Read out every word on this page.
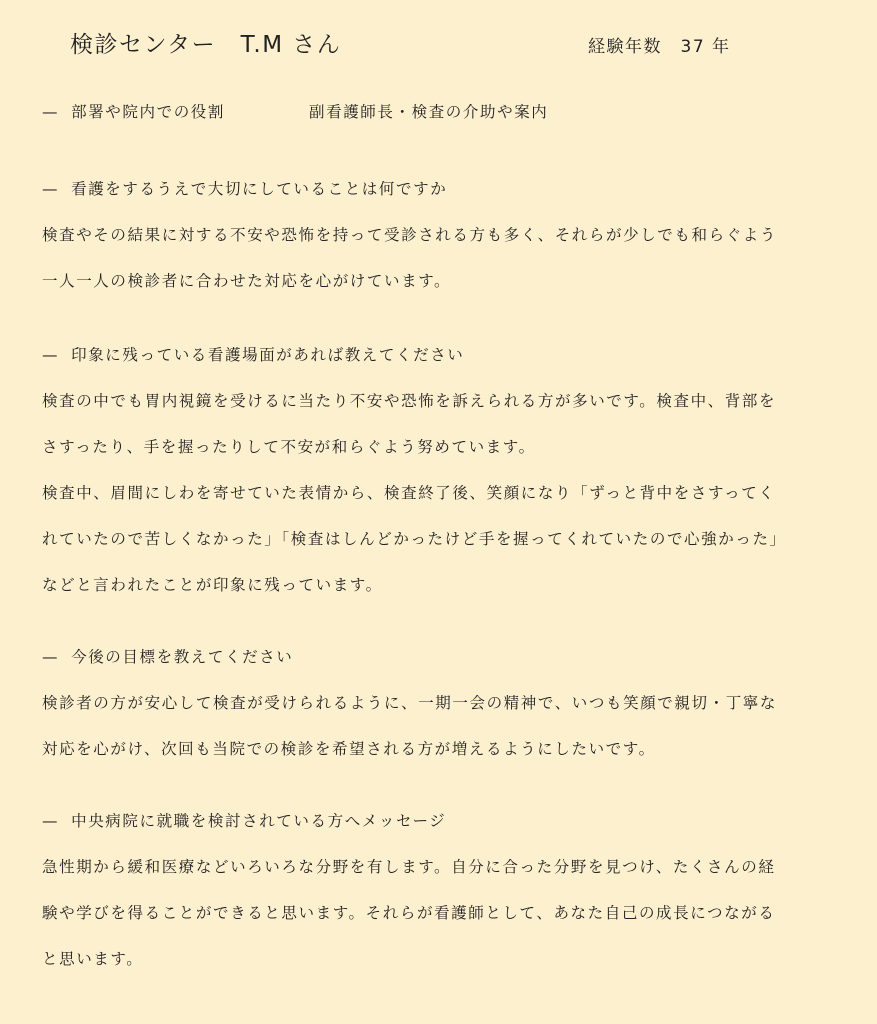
検診センター　T.M さん	経験年数　37 年
— 部署や院内での役割	副看護師長・検査の介助や案内
— 看護をするうえで大切にしていることは何ですか
検査やその結果に対する不安や恐怖を持って受診される方も多く、それらが少しでも和らぐよう
一人一人の検診者に合わせた対応を心がけています。
— 印象に残っている看護場面があれば教えてください
検査の中でも胃内視鏡を受けるに当たり不安や恐怖を訴えられる方が多いです。検査中、背部を
さすったり、手を握ったりして不安が和らぐよう努めています。
検査中、眉間にしわを寄せていた表情から、検査終了後、笑顔になり「ずっと背中をさすってく
れていたので苦しくなかった」「検査はしんどかったけど手を握ってくれていたので心強かった」
などと言われたことが印象に残っています。
— 今後の目標を教えてください
検診者の方が安心して検査が受けられるように、一期一会の精神で、いつも笑顔で親切・丁寧な
対応を心がけ、次回も当院での検診を希望される方が増えるようにしたいです。
— 中央病院に就職を検討されている方へメッセージ
急性期から緩和医療などいろいろな分野を有します。自分に合った分野を見つけ、たくさんの経
験や学びを得ることができると思います。それらが看護師として、あなた自己の成長につながる
と思います。
